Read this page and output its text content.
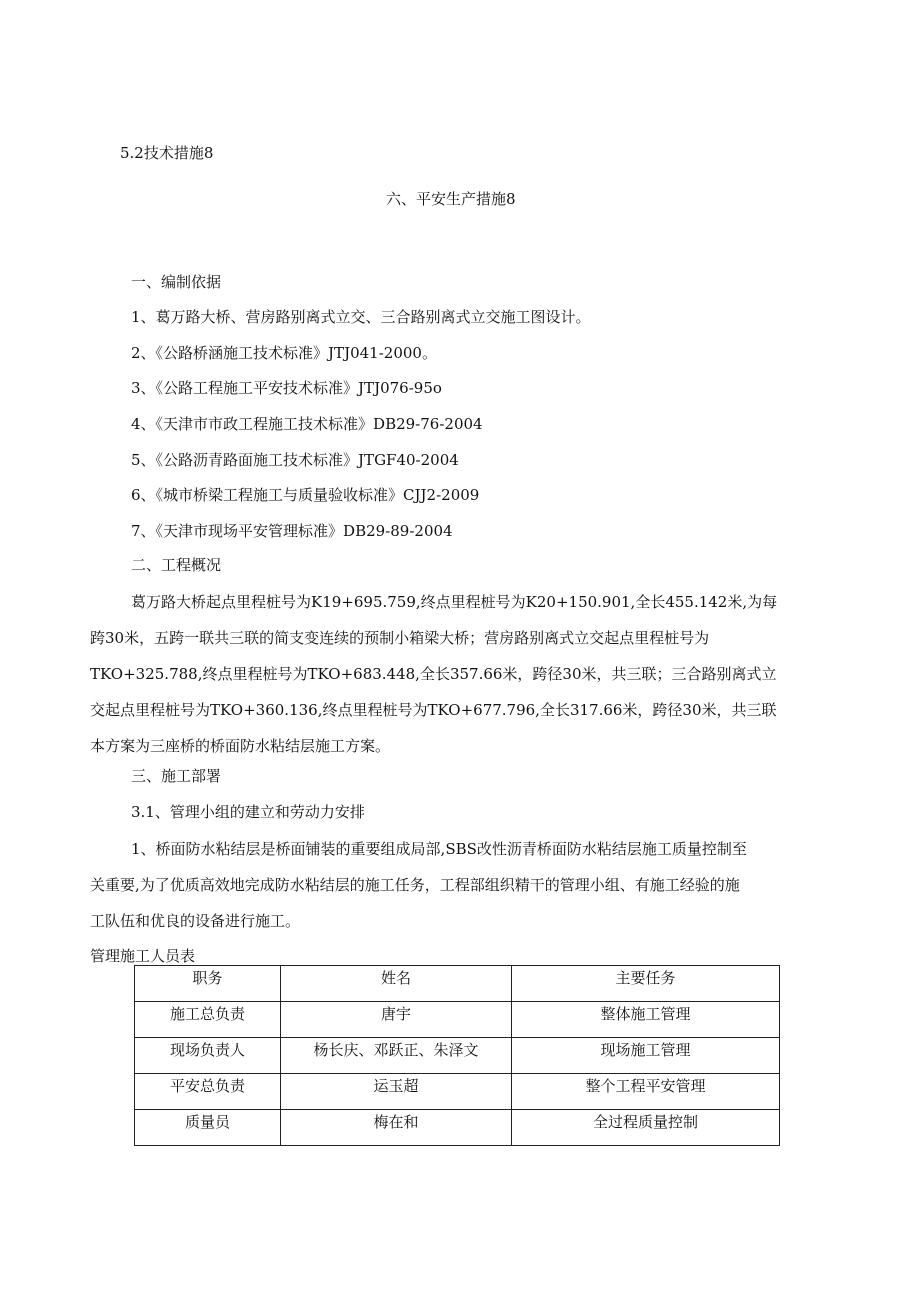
5.2技术措施8
六、平安生产措施8
一、编制依据
1、葛万路大桥、营房路别离式立交、三合路别离式立交施工图设计。
2、《公路桥涵施工技术标准》JTJ041-2000。
3、《公路工程施工平安技术标准》JTJ076-95o
4、《天津市市政工程施工技术标准》DB29-76-2004
5、《公路沥青路面施工技术标准》JTGF40-2004
6、《城市桥梁工程施工与质量验收标准》CJJ2-2009
7、《天津市现场平安管理标准》DB29-89-2004
二、工程概况
葛万路大桥起点里程桩号为K19+695.759,终点里程桩号为K20+150.901,全长455.142米,为每
跨30米，五跨一联共三联的简支变连续的预制小箱梁大桥；营房路别离式立交起点里程桩号为
TKO+325.788,终点里程桩号为TKO+683.448,全长357.66米，跨径30米，共三联；三合路别离式立
交起点里程桩号为TKO+360.136,终点里程桩号为TKO+677.796,全长317.66米，跨径30米，共三联
本方案为三座桥的桥面防水粘结层施工方案。
三、施工部署
3.1、管理小组的建立和劳动力安排
1、桥面防水粘结层是桥面铺装的重要组成局部,SBS改性沥青桥面防水粘结层施工质量控制至
关重要,为了优质高效地完成防水粘结层的施工任务，工程部组织精干的管理小组、有施工经验的施
工队伍和优良的设备进行施工。
管理施工人员表
职务	姓名	主要任务
施工总负责	唐宇	整体施工管理
现场负责人	杨长庆、邓跃正、朱泽文	现场施工管理
平安总负责	运玉超	整个工程平安管理
质量员	梅在和	全过程质量控制
